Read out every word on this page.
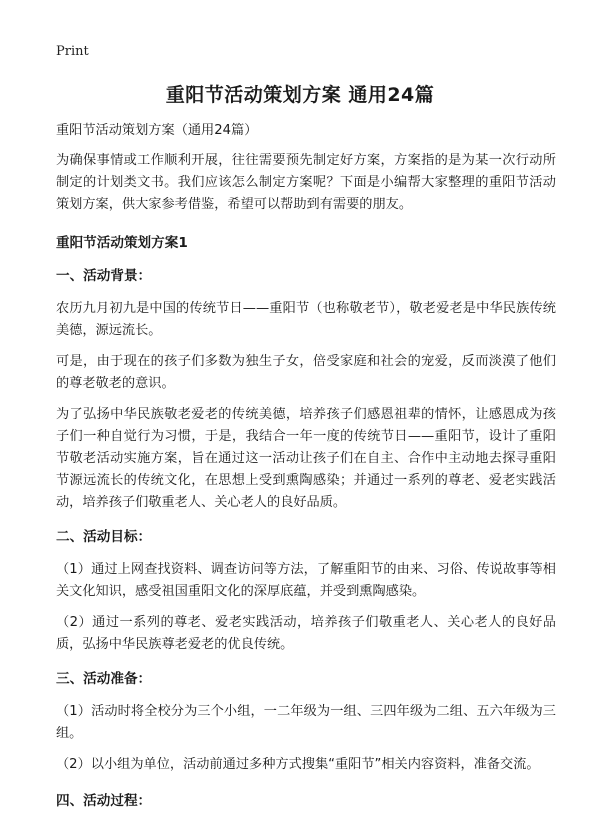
Print
重阳节活动策划方案 通用24篇

重阳节活动策划方案（通用24篇）

为确保事情或工作顺利开展，往往需要预先制定好方案，方案指的是为某一次行动所制定的计划类文书。我们应该怎么制定方案呢？下面是小编帮大家整理的重阳节活动策划方案，供大家参考借鉴，希望可以帮助到有需要的朋友。

重阳节活动策划方案1
一、活动背景：

农历九月初九是中国的传统节日——重阳节（也称敬老节），敬老爱老是中华民族传统美德，源远流长。

可是，由于现在的孩子们多数为独生子女，倍受家庭和社会的宠爱，反而淡漠了他们的尊老敬老的意识。

为了弘扬中华民族敬老爱老的传统美德，培养孩子们感恩祖辈的情怀，让感恩成为孩子们一种自觉行为习惯，于是，我结合一年一度的传统节日——重阳节，设计了重阳节敬老活动实施方案，旨在通过这一活动让孩子们在自主、合作中主动地去探寻重阳节源远流长的传统文化，在思想上受到熏陶感染；并通过一系列的尊老、爱老实践活动，培养孩子们敬重老人、关心老人的良好品质。

二、活动目标：

（1）通过上网查找资料、调查访问等方法，了解重阳节的由来、习俗、传说故事等相关文化知识，感受祖国重阳文化的深厚底蕴，并受到熏陶感染。

（2）通过一系列的尊老、爱老实践活动，培养孩子们敬重老人、关心老人的良好品质，弘扬中华民族尊老爱老的优良传统。

三、活动准备：

（1）活动时将全校分为三个小组，一二年级为一组、三四年级为二组、五六年级为三组。

（2）以小组为单位，活动前通过多种方式搜集“重阳节”相关内容资料，准备交流。

四、活动过程：
